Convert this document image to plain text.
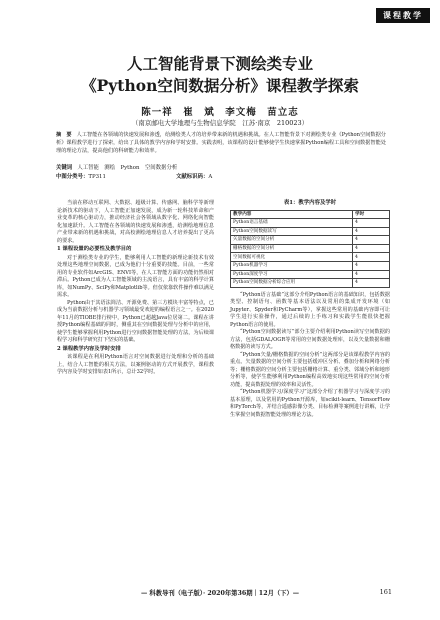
课程教学
人工智能背景下测绘类专业
《Python空间数据分析》课程教学探索
陈一祥　崔　斌　李文梅　苗立志
（南京邮电大学地理与生物信息学院　江苏·南京　210023）
摘　要 人工智能在各领域的快速发展和渗透，给测绘类人才的培养带来新的机遇和挑战。在人工智能背景下对测绘类专业《Python空间数据分析》课程教学进行了探索，给出了具体的教学内容和学时安排。实践表明，该课程的设计能够使学生快速掌握Python编程工具和空间数据智能处理的理论方法，提高他们的科研能力和效率。
关键词 人工智能　测绘　Python　空间数据分析
中图分类号：TP311	文献标识码：A

当前在移动互联网、大数据、超级计算、传感网、脑科学等新理论新技术的驱动下，人工智能正加速发展，成为新一轮科技革命和产业变革的核心驱动力，推动经济社会各领域从数字化、网络化向智能化加速跃升。人工智能在各领域的快速发展和渗透，给测绘地理信息产业带来新的机遇和挑战，对高校测绘地理信息人才培养提出了更高的要求。

1 课程设置的必要性及教学目的

对于测绘类专业的学生，能够利用人工智能的新理论新技术有效处理这些地理空间数据，已成为他们十分重要的技能。目前，一些常用的专业软件如ArcGIS、ENVI等，在人工智能方面的功能仍然相对滞后。Python已成为人工智能领域的主流语言，具有丰富的科学计算库，如NumPy、SciPy和Matplotlib等。但仅依靠软件操作难以满足需求。

Python由于其语法简洁、开源免费、第三方模块丰富等特点，已成为当前数据分析与机器学习领域最受欢迎的编程语言之一。在2020年11月的TIOBE排行榜中，Python已超越Java位居第二。课程在讲授Python编程基础的同时，侧重其在空间数据处理与分析中的应用，使学生能够掌握利用Python进行空间数据智能处理的方法，为后续课程学习和科学研究打下坚实的基础。

2 课程教学内容及学时安排

该课程是在利用Python语言对空间数据进行处理和分析的基础上，结合人工智能的相关方法，以案例驱动的方式开展教学，课程教学内容及学时安排如表1所示，总计32学时。

表1：教学内容及学时
教学内容	学时
Python语言基础	4
Python空间数据读写	4
矢量数据的空间分析	4
栅格数据的空间分析	4
空间数据可视化	4
Python机器学习	4
Python深度学习	4
Python空间数据分析综合应用	4

“Python语言基础”这部分介绍Python语言的基础知识，包括数据类型、控制语句、函数等基本语法以及常用的集成开发环境（如Jupyter、Spyder和PyCharm等），掌握这些常用的基础内容即可让学生进行实验操作，通过后续的上手练习和实践学生能很快把握Python语言的使用。

“Python空间数据读写”部分主要介绍利用Python读写空间数据的方法，包括GDAL/OGR等常用的空间数据处理库，以及矢量数据和栅格数据的读写方式。

“Python矢量/栅格数据的空间分析”这两部分是该课程教学内容的重点。矢量数据的空间分析主要包括缓冲区分析、叠加分析和网络分析等；栅格数据的空间分析主要包括栅格计算、重分类、邻域分析和地形分析等，使学生能够利用Python编程高效地实现这些常用的空间分析功能，提高数据处理的效率和灵活性。

“Python机器学习/深度学习”这部分介绍了机器学习与深度学习的基本原理，以及常用的Python开源库，如scikit-learn、TensorFlow和PyTorch等，并结合遥感影像分类、目标检测等案例进行讲解，让学生掌握空间数据智能处理的理论方法。

— 科教导刊（电子版）· 2020年第36期｜12月（下）—	161
